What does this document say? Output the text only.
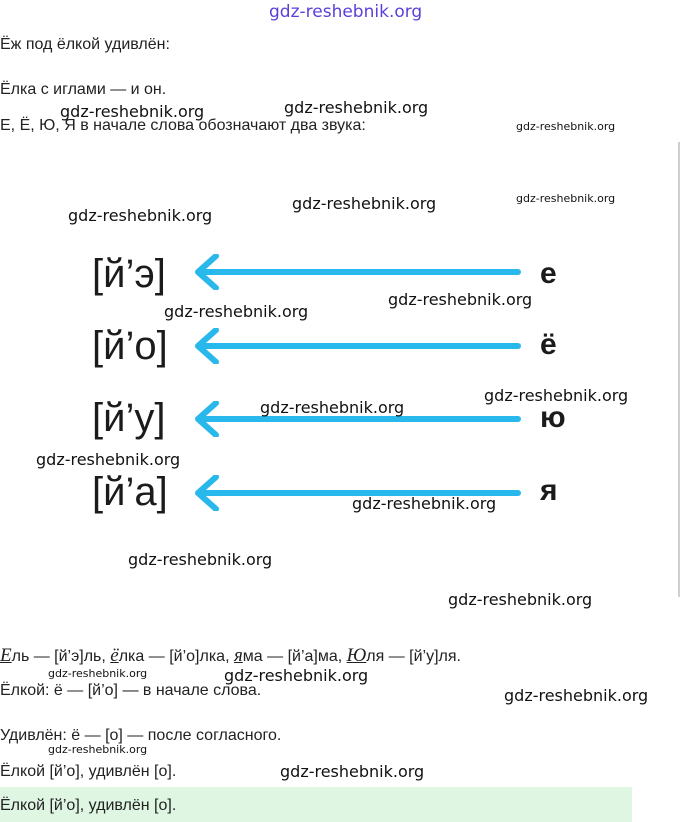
gdz-reshebnik.org
Ёж под ёлкой удивлён:
Ёлка с иглами — и он.
Е, Ё, Ю, Я в начале слова обозначают два звука:
[й’э]	е
[й’о]	ё
[й’у]	ю
[й’а]	я
Ель — [й’э]ль, ёлка — [й’о]лка, яма — [й’а]ма, Юля — [й’у]ля.
Ёлкой: ё — [й’о] — в начале слова.
Удивлён: ё — [о] — после согласного.
Ёлкой [й’о], удивлён [о].
Ёлкой [й’о], удивлён [о].
gdz-reshebnik.org	gdz-reshebnik.org
gdz-reshebnik.org
gdz-reshebnik.org
gdz-reshebnik.org
gdz-reshebnik.org
gdz-reshebnik.org
gdz-reshebnik.org
gdz-reshebnik.org
gdz-reshebnik.org
gdz-reshebnik.org
gdz-reshebnik.org
gdz-reshebnik.org
gdz-reshebnik.org
gdz-reshebnik.org	gdz-reshebnik.org
gdz-reshebnik.org
gdz-reshebnik.org
gdz-reshebnik.org
